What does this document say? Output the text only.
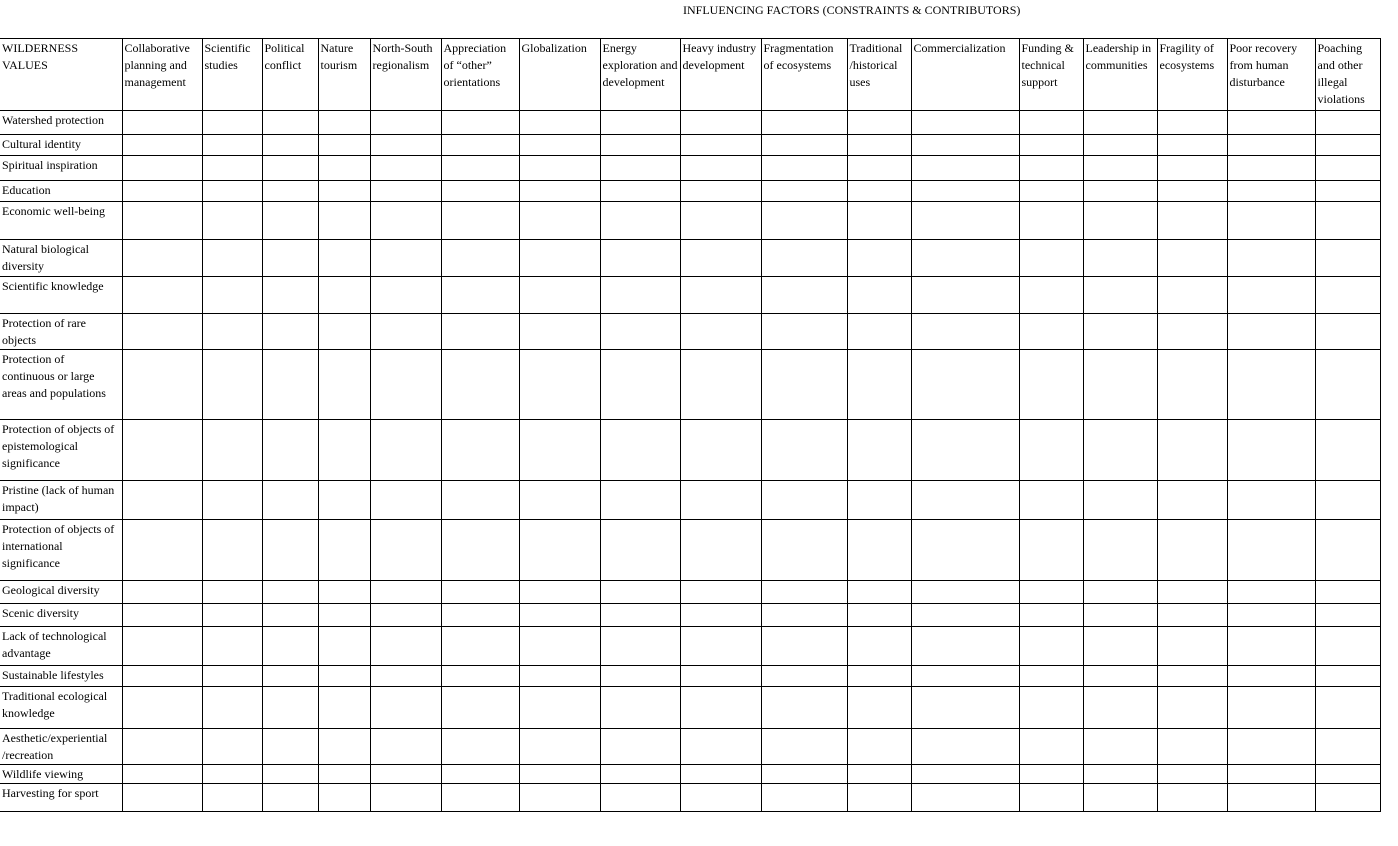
INFLUENCING FACTORS (CONSTRAINTS & CONTRIBUTORS)
WILDERNESS VALUES	Collaborative planning and management	Scientific studies	Political conflict	Nature tourism	North-South regionalism	Appreciation of “other” orientations	Globalization	Energy exploration and development	Heavy industry development	Fragmentation of ecosystems	Traditional /historical uses	Commercialization	Funding & technical support	Leadership in communities	Fragility of ecosystems	Poor recovery from human disturbance	Poaching and other illegal violations

Watershed protection																	

Cultural identity																	

Spiritual inspiration																	

Education																	

Economic well-being																	

Natural biological diversity																	

Scientific knowledge																	

Protection of rare objects																	

Protection of continuous or large areas and populations																	

Protection of objects of epistemological significance																	

Pristine (lack of human impact)																	

Protection of objects of international significance																	

Geological diversity																	

Scenic diversity																	

Lack of technological advantage																	

Sustainable lifestyles																	

Traditional ecological knowledge																	

Aesthetic/experiential /recreation																	

Wildlife viewing																	

Harvesting for sport																	
